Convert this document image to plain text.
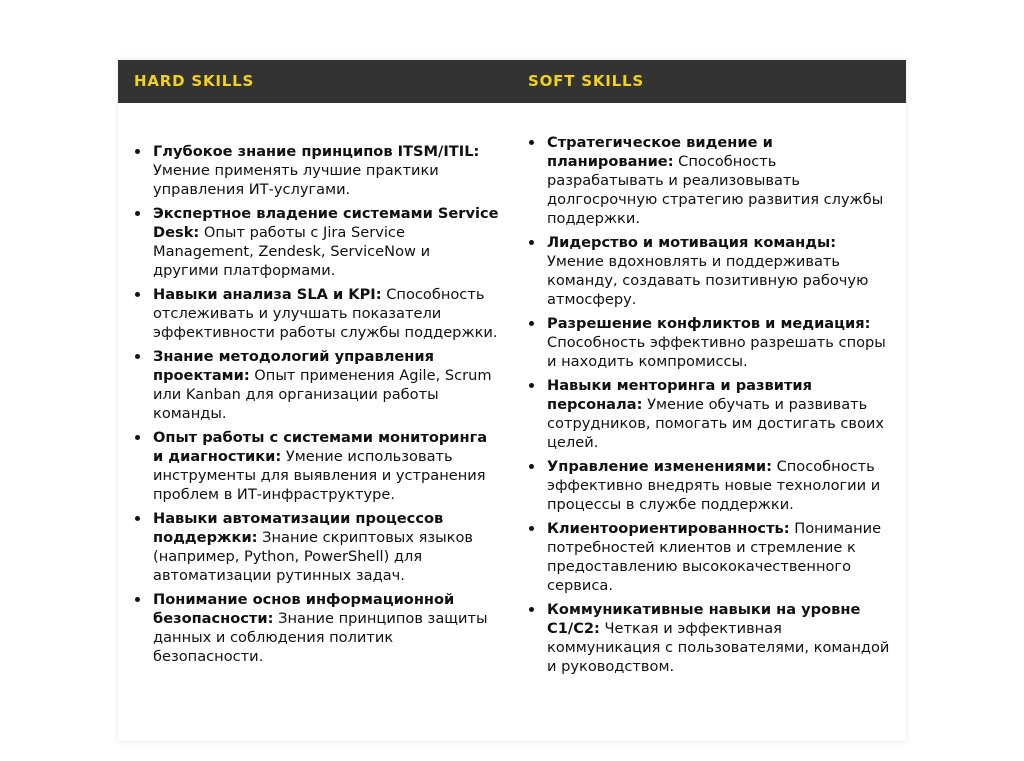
HARD SKILLS	SOFT SKILLS
Глубокое знание принципов ITSM/ITIL: Умение применять лучшие практики управления ИТ-услугами.
Экспертное владение системами Service Desk: Опыт работы с Jira Service Management, Zendesk, ServiceNow и другими платформами.
Навыки анализа SLA и KPI: Способность отслеживать и улучшать показатели эффективности работы службы поддержки.
Знание методологий управления проектами: Опыт применения Agile, Scrum или Kanban для организации работы команды.
Опыт работы с системами мониторинга и диагностики: Умение использовать инструменты для выявления и устранения проблем в ИТ-инфраструктуре.
Навыки автоматизации процессов поддержки: Знание скриптовых языков (например, Python, PowerShell) для автоматизации рутинных задач.
Понимание основ информационной безопасности: Знание принципов защиты данных и соблюдения политик безопасности.
Стратегическое видение и планирование: Способность разрабатывать и реализовывать долгосрочную стратегию развития службы поддержки.
Лидерство и мотивация команды: Умение вдохновлять и поддерживать команду, создавать позитивную рабочую атмосферу.
Разрешение конфликтов и медиация: Способность эффективно разрешать споры и находить компромиссы.
Навыки менторинга и развития персонала: Умение обучать и развивать сотрудников, помогать им достигать своих целей.
Управление изменениями: Способность эффективно внедрять новые технологии и процессы в службе поддержки.
Клиентоориентированность: Понимание потребностей клиентов и стремление к предоставлению высококачественного сервиса.
Коммуникативные навыки на уровне C1/C2: Четкая и эффективная коммуникация с пользователями, командой и руководством.
